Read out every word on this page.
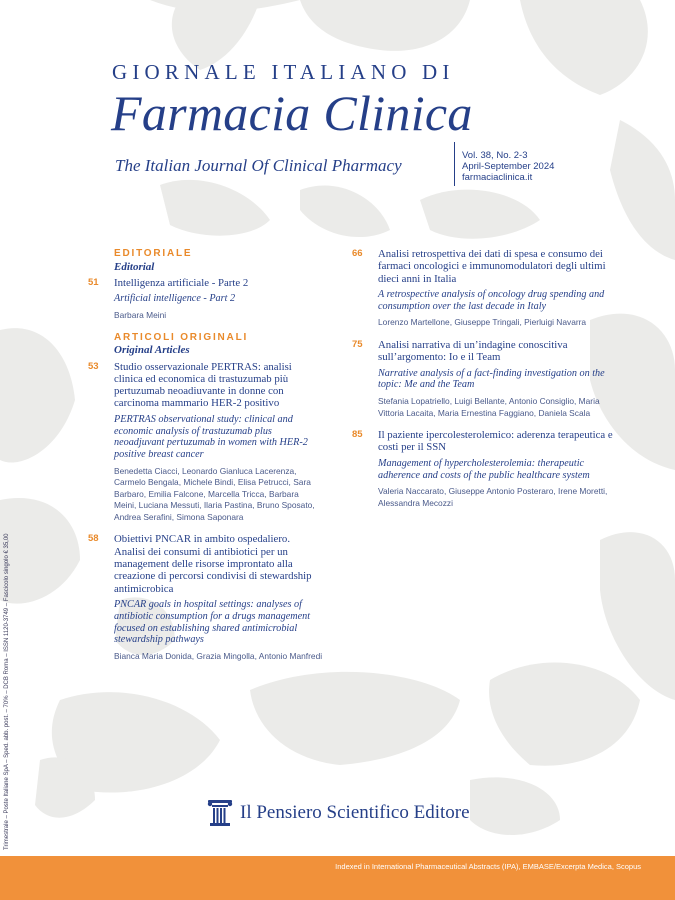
GIORNALE ITALIANO DI
Farmacia Clinica
The Italian Journal Of Clinical Pharmacy
Vol. 38, No. 2-3
April-September 2024
farmaciaclinica.it
EDITORIALE
Editorial
51	Intelligenza artificiale - Parte 2
Artificial intelligence - Part 2
Barbara Meini
ARTICOLI ORIGINALI
Original Articles
53	Studio osservazionale PERTRAS: analisi clinica ed economica di trastuzumab più pertuzumab neoadiuvante in donne con carcinoma mammario HER-2 positivo
PERTRAS observational study: clinical and economic analysis of trastuzumab plus neoadjuvant pertuzumab in women with HER-2 positive breast cancer
Benedetta Ciacci, Leonardo Gianluca Lacerenza, Carmelo Bengala, Michele Bindi, Elisa Petrucci, Sara Barbaro, Emilia Falcone, Marcella Tricca, Barbara Meini, Luciana Messuti, Ilaria Pastina, Bruno Sposato, Andrea Serafini, Simona Saponara
58	Obiettivi PNCAR in ambito ospedaliero. Analisi dei consumi di antibiotici per un management delle risorse improntato alla creazione di percorsi condivisi di stewardship antimicrobica
PNCAR goals in hospital settings: analyses of antibiotic consumption for a drugs management focused on establishing shared antimicrobial stewardship pathways
Bianca Maria Donida, Grazia Mingolla, Antonio Manfredi
66	Analisi retrospettiva dei dati di spesa e consumo dei farmaci oncologici e immunomodulatori degli ultimi dieci anni in Italia
A retrospective analysis of oncology drug spending and consumption over the last decade in Italy
Lorenzo Martellone, Giuseppe Tringali, Pierluigi Navarra
75	Analisi narrativa di un’indagine conoscitiva sull’argomento: Io e il Team
Narrative analysis of a fact-finding investigation on the topic: Me and the Team
Stefania Lopatriello, Luigi Bellante, Antonio Consiglio, Maria Vittoria Lacaita, Maria Ernestina Faggiano, Daniela Scala
85	Il paziente ipercolesterolemico: aderenza terapeutica e costi per il SSN
Management of hypercholesterolemia: therapeutic adherence and costs of the public healthcare system
Valeria Naccarato, Giuseppe Antonio Posteraro, Irene Moretti, Alessandra Mecozzi
Trimestrale – Poste Italiane SpA – Sped. abb. post. – 70% – DCB Roma – ISSN 1120-3749 – Fascicolo singolo € 35,00	Il Pensiero Scientifico Editore
Indexed in International Pharmaceutical Abstracts (IPA), EMBASE/Excerpta Medica, Scopus
